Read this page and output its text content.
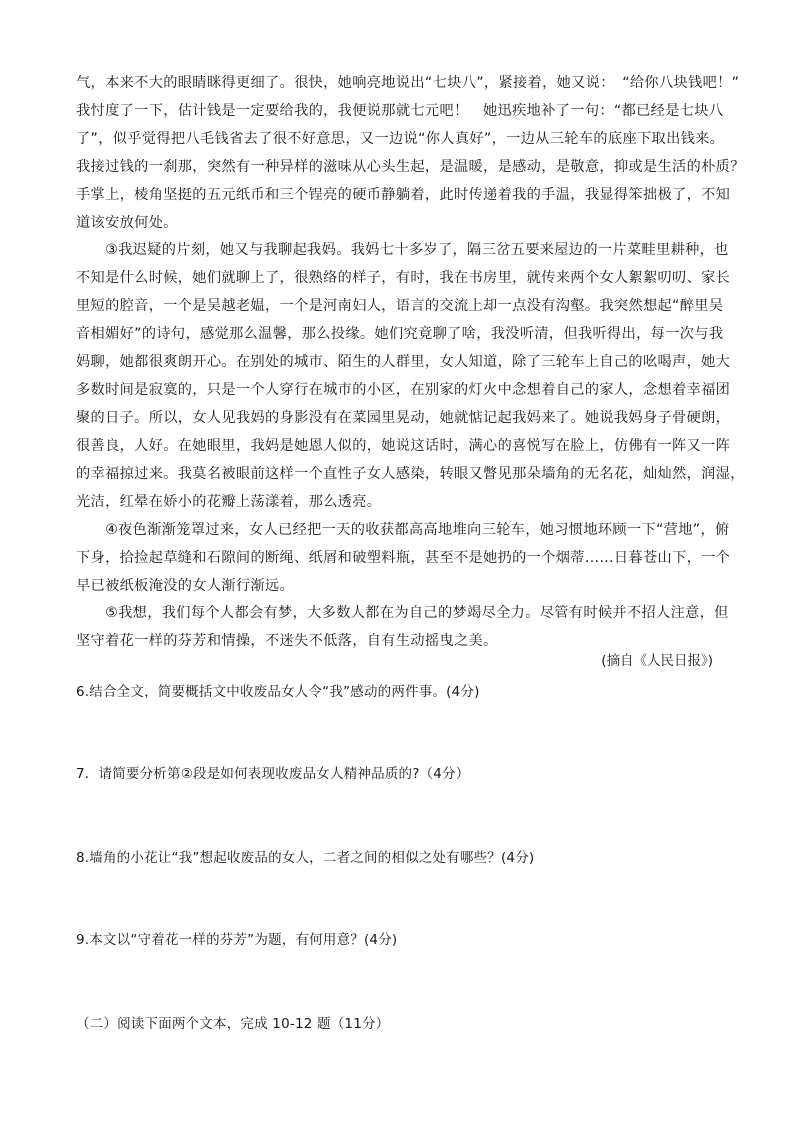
气，本来不大的眼睛眯得更细了。很快，她响亮地说出“七块八”，紧接着，她又说：　“给你八块钱吧！”
我忖度了一下，估计钱是一定要给我的，我便说那就七元吧！　她迅疾地补了一句：“都已经是七块八
了”，似乎觉得把八毛钱省去了很不好意思，又一边说“你人真好”，一边从三轮车的底座下取出钱来。
我接过钱的一刹那，突然有一种异样的滋味从心头生起，是温暖，是感动，是敬意，抑或是生活的朴质？
手掌上，棱角坚挺的五元纸币和三个锃亮的硬币静躺着，此时传递着我的手温，我显得笨拙极了，不知
道该安放何处。
　　③我迟疑的片刻，她又与我聊起我妈。我妈七十多岁了，隔三岔五要来屋边的一片菜畦里耕种，也
不知是什么时候，她们就聊上了，很熟络的样子，有时，我在书房里，就传来两个女人絮絮叨叨、家长
里短的腔音，一个是吴越老媪，一个是河南妇人，语言的交流上却一点没有沟壑。我突然想起“醉里吴
音相媚好”的诗句，感觉那么温馨，那么投缘。她们究竟聊了啥，我没听清，但我听得出，每一次与我
妈聊，她都很爽朗开心。在别处的城市、陌生的人群里，女人知道，除了三轮车上自己的吆喝声，她大
多数时间是寂寞的，只是一个人穿行在城市的小区，在别家的灯火中念想着自己的家人，念想着幸福团
聚的日子。所以，女人见我妈的身影没有在菜园里晃动，她就惦记起我妈来了。她说我妈身子骨硬朗，
很善良，人好。在她眼里，我妈是她恩人似的，她说这话时，满心的喜悦写在脸上，仿佛有一阵又一阵
的幸福掠过来。我莫名被眼前这样一个直性子女人感染，转眼又瞥见那朵墙角的无名花，灿灿然，润湿，
光洁，红晕在娇小的花瓣上荡漾着，那么透亮。
　　④夜色渐渐笼罩过来，女人已经把一天的收获都高高地堆向三轮车，她习惯地环顾一下“营地”，俯
下身，拾捡起草缝和石隙间的断绳、纸屑和破塑料瓶，甚至不是她扔的一个烟蒂……日暮苍山下，一个
早已被纸板淹没的女人渐行渐远。
　　⑤我想，我们每个人都会有梦，大多数人都在为自己的梦竭尽全力。尽管有时候并不招人注意，但
坚守着花一样的芬芳和情操，不迷失不低落，自有生动摇曳之美。
(摘自《人民日报》)
6.结合全文，简要概括文中收废品女人令“我”感动的两件事。(4分)
7．请简要分析第②段是如何表现收废品女人精神品质的?（4分）
8.墙角的小花让“我”想起收废品的女人，二者之间的相似之处有哪些？(4分)
9.本文以“守着花一样的芬芳”为题，有何用意？(4分)
（二）阅读下面两个文本，完成 10-12 题（11分）
